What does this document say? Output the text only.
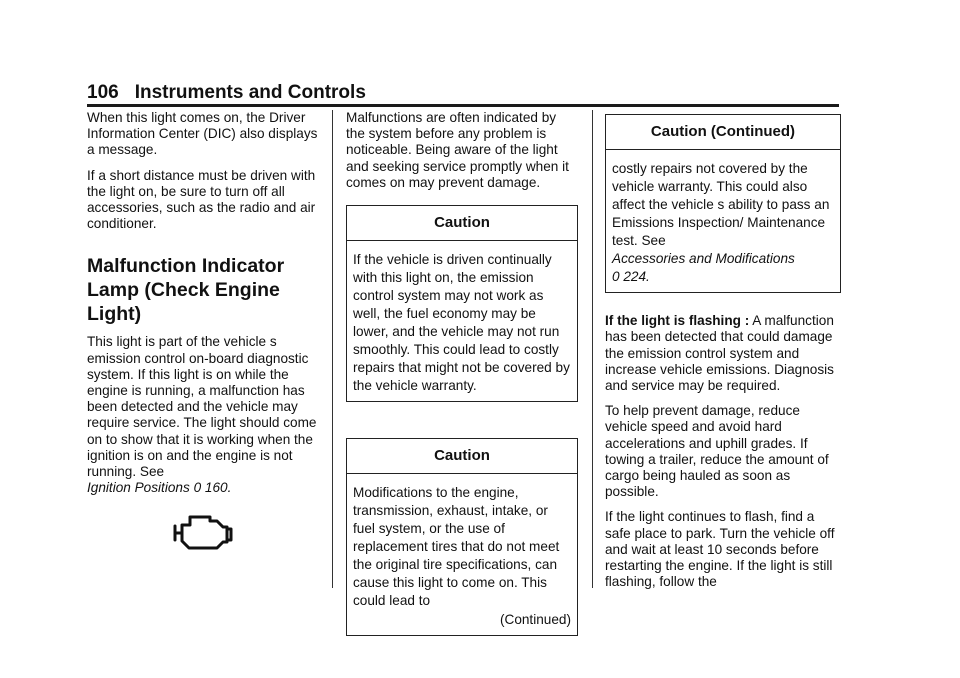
106 Instruments and Controls

When this light comes on, the Driver Information Center (DIC) also displays a message.

If a short distance must be driven with the light on, be sure to turn off all accessories, such as the radio and air conditioner.

Malfunction Indicator Lamp (Check Engine Light)

This light is part of the vehicle s emission control on-board diagnostic system. If this light is on while the engine is running, a malfunction has been detected and the vehicle may require service. The light should come on to show that it is working when the ignition is on and the engine is not running. See
Ignition Positions 0 160.

Malfunctions are often indicated by the system before any problem is noticeable. Being aware of the light and seeking service promptly when it comes on may prevent damage.

Caution
If the vehicle is driven continually with this light on, the emission control system may not work as well, the fuel economy may be lower, and the vehicle may not run smoothly. This could lead to costly repairs that might not be covered by the vehicle warranty.
Caution
Modifications to the engine, transmission, exhaust, intake, or fuel system, or the use of replacement tires that do not meet the original tire specifications, can cause this light to come on. This could lead to
(Continued)
Caution (Continued)
costly repairs not covered by the vehicle warranty. This could also affect the vehicle s ability to pass an Emissions Inspection/ Maintenance test. See
Accessories and Modifications
0 224.

If the light is flashing : A malfunction has been detected that could damage the emission control system and increase vehicle emissions. Diagnosis and service may be required.

To help prevent damage, reduce vehicle speed and avoid hard accelerations and uphill grades. If towing a trailer, reduce the amount of cargo being hauled as soon as possible.

If the light continues to flash, find a safe place to park. Turn the vehicle off and wait at least 10 seconds before restarting the engine. If the light is still flashing, follow the
